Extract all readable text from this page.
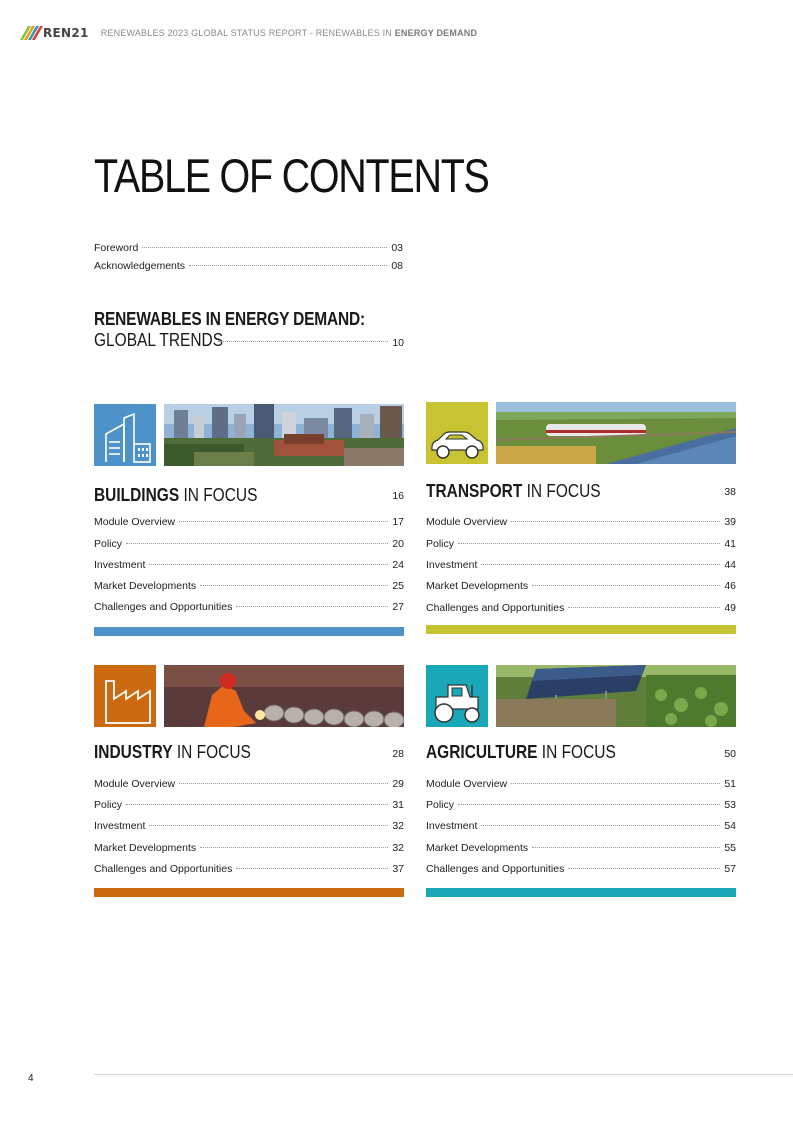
REN21 RENEWABLES 2023 GLOBAL STATUS REPORT - RENEWABLES IN ENERGY DEMAND
TABLE OF CONTENTS
Foreword	03
Acknowledgements	08
RENEWABLES IN ENERGY DEMAND:
GLOBAL TRENDS	10
BUILDINGS IN FOCUS	16
Module Overview	17
Policy	20
Investment	24
Market Developments	25
Challenges and Opportunities	27
TRANSPORT IN FOCUS	38
Module Overview	39
Policy	41
Investment	44
Market Developments	46
Challenges and Opportunities	49
INDUSTRY IN FOCUS	28
Module Overview	29
Policy	31
Investment	32
Market Developments	32
Challenges and Opportunities	37
AGRICULTURE IN FOCUS	50
Module Overview	51
Policy	53
Investment	54
Market Developments	55
Challenges and Opportunities	57
4
